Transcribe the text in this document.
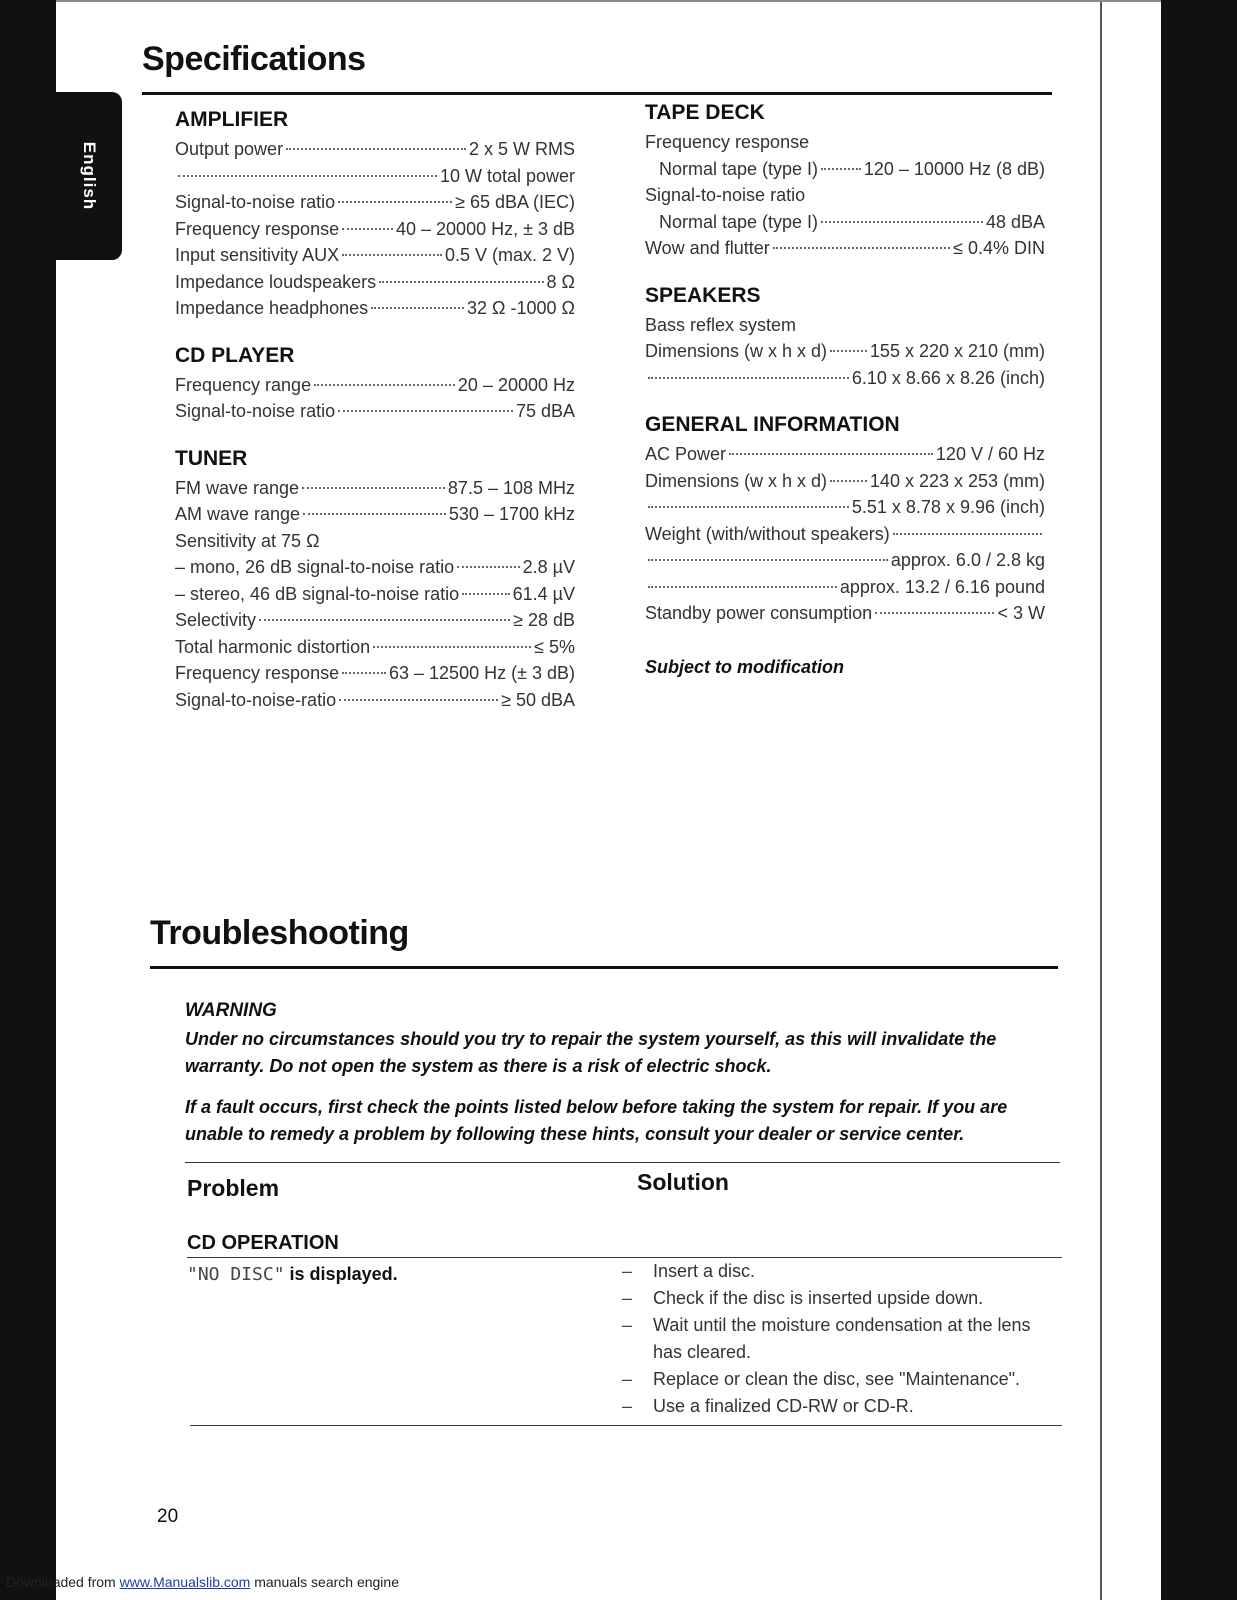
English
Specifications
AMPLIFIER
Output power	2 x 5 W RMS
10 W total power
Signal-to-noise ratio	≥ 65 dBA (IEC)
Frequency response	40 – 20000 Hz, ± 3 dB
Input sensitivity AUX	0.5 V (max. 2 V)
Impedance loudspeakers	8 Ω
Impedance headphones	32 Ω -1000 Ω
CD PLAYER
Frequency range	20 – 20000 Hz
Signal-to-noise ratio	75 dBA
TUNER
FM wave range	87.5 – 108 MHz
AM wave range	530 – 1700 kHz
Sensitivity at 75 Ω
– mono, 26 dB signal-to-noise ratio	2.8 µV
– stereo, 46 dB signal-to-noise ratio	61.4 µV
Selectivity	≥ 28 dB
Total harmonic distortion	≤ 5%
Frequency response	63 – 12500 Hz (± 3 dB)
Signal-to-noise-ratio	≥ 50 dBA
TAPE DECK
Frequency response
Normal tape (type I)	120 – 10000 Hz (8 dB)
Signal-to-noise ratio
Normal tape (type I)	48 dBA
Wow and flutter	≤ 0.4% DIN
SPEAKERS
Bass reflex system
Dimensions (w x h x d) 155 x 220 x 210 (mm)
6.10 x 8.66 x 8.26 (inch)
GENERAL INFORMATION
AC Power	120 V / 60 Hz
Dimensions (w x h x d) 140 x 223 x 253 (mm)
5.51 x 8.78 x 9.96 (inch)
Weight (with/without speakers)
approx. 6.0 / 2.8 kg
approx. 13.2 / 6.16 pound
Standby power consumption	< 3 W
Subject to modification
Troubleshooting
WARNING

Under no circumstances should you try to repair the system yourself, as this will invalidate the warranty. Do not open the system as there is a risk of electric shock.

If a fault occurs, first check the points listed below before taking the system for repair. If you are unable to remedy a problem by following these hints, consult your dealer or service center.

Problem	Solution
CD OPERATION
"NO DISC" is displayed.
–	Insert a disc.
– Check if the disc is inserted upside down.
– Wait until the moisture condensation at the lens has cleared.
– Replace or clean the disc, see "Maintenance".
– Use a finalized CD-RW or CD-R.
20
Downloaded from www.Manualslib.com manuals search engine
